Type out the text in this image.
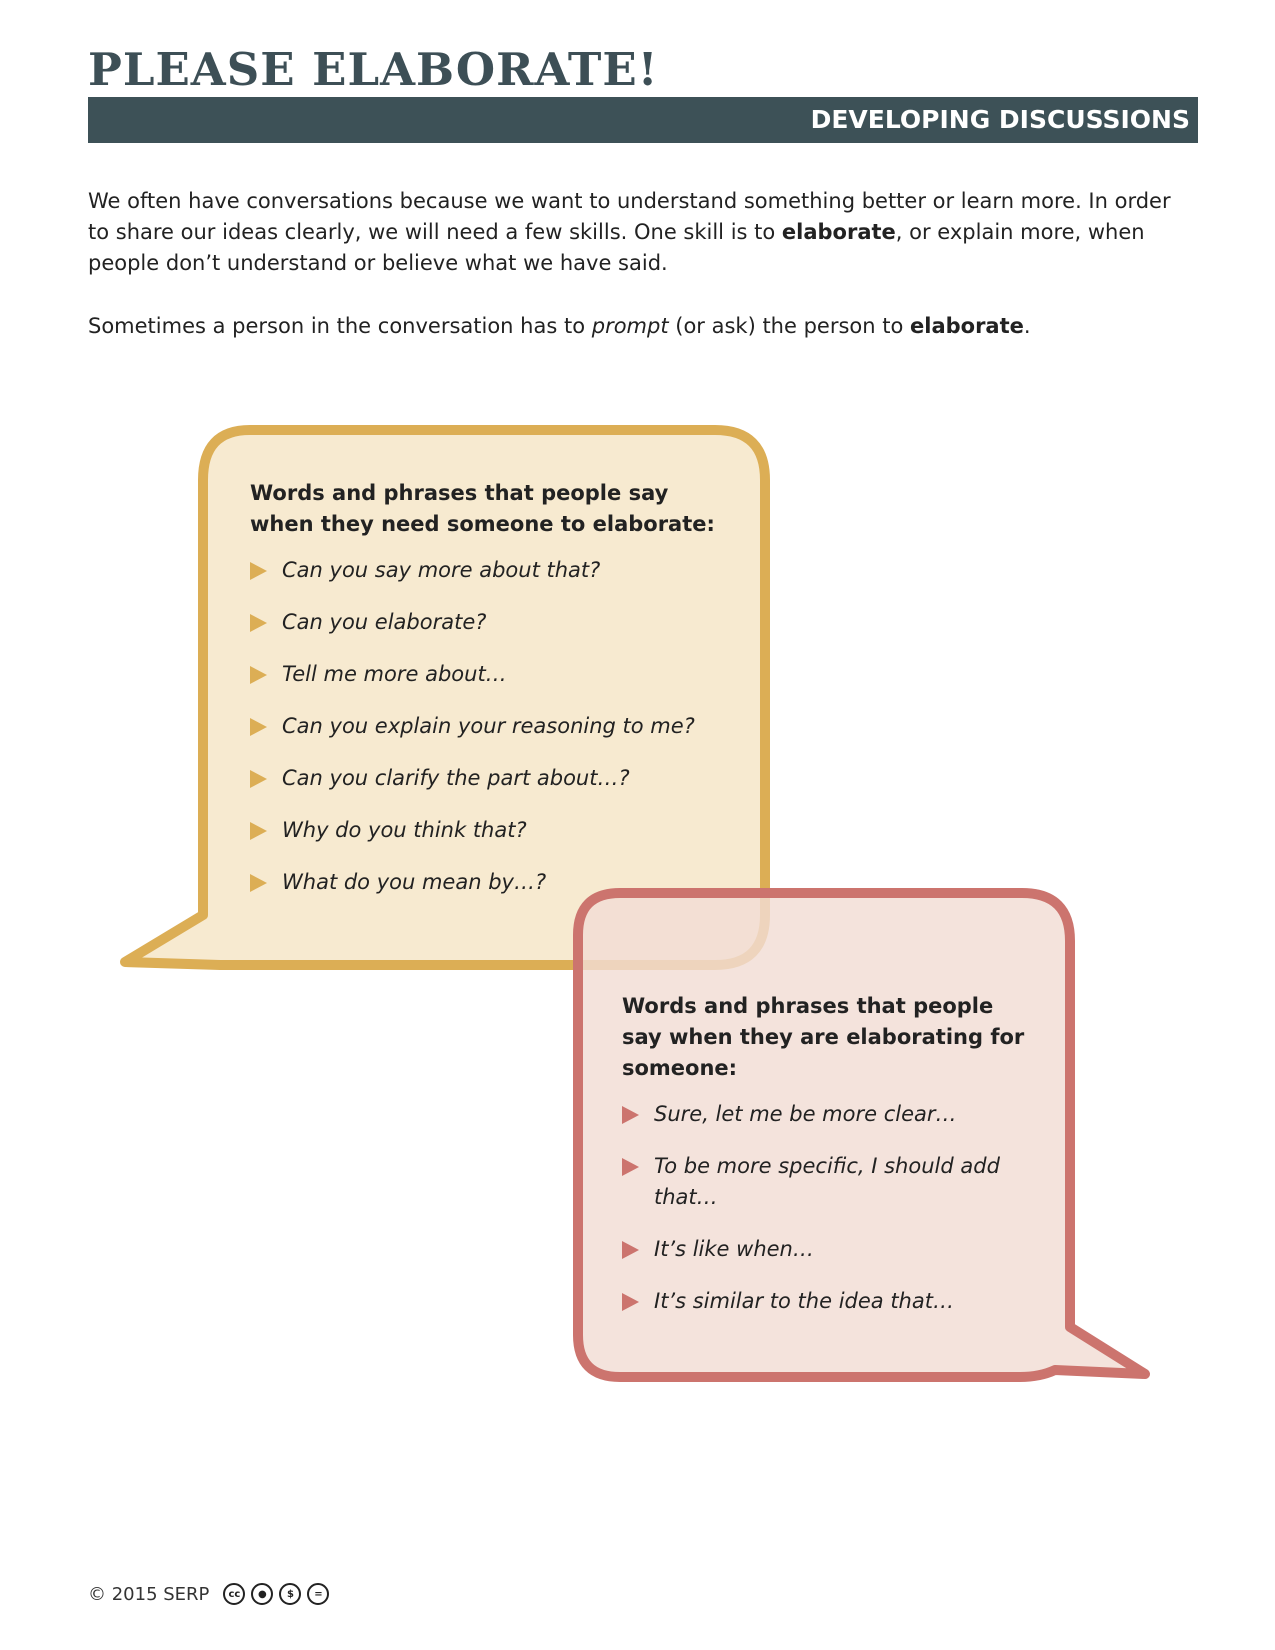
PLEASE ELABORATE!
DEVELOPING DISCUSSIONS

We often have conversations because we want to understand something better or learn more. In order to share our ideas clearly, we will need a few skills. One skill is to elaborate, or explain more, when people don’t understand or believe what we have said.

Sometimes a person in the conversation has to prompt (or ask) the person to elaborate.

Words and phrases that people say
when they need someone to elaborate:

Can you say more about that?
Can you elaborate?
Tell me more about…
Can you explain your reasoning to me?
Can you clarify the part about…?
Why do you think that?
What do you mean by…?

Words and phrases that people
say when they are elaborating for
someone:

Sure, let me be more clear…
To be more specific, I should add that…
It’s like when…
It’s similar to the idea that…
© 2015 SERP	cc	●	$	=
